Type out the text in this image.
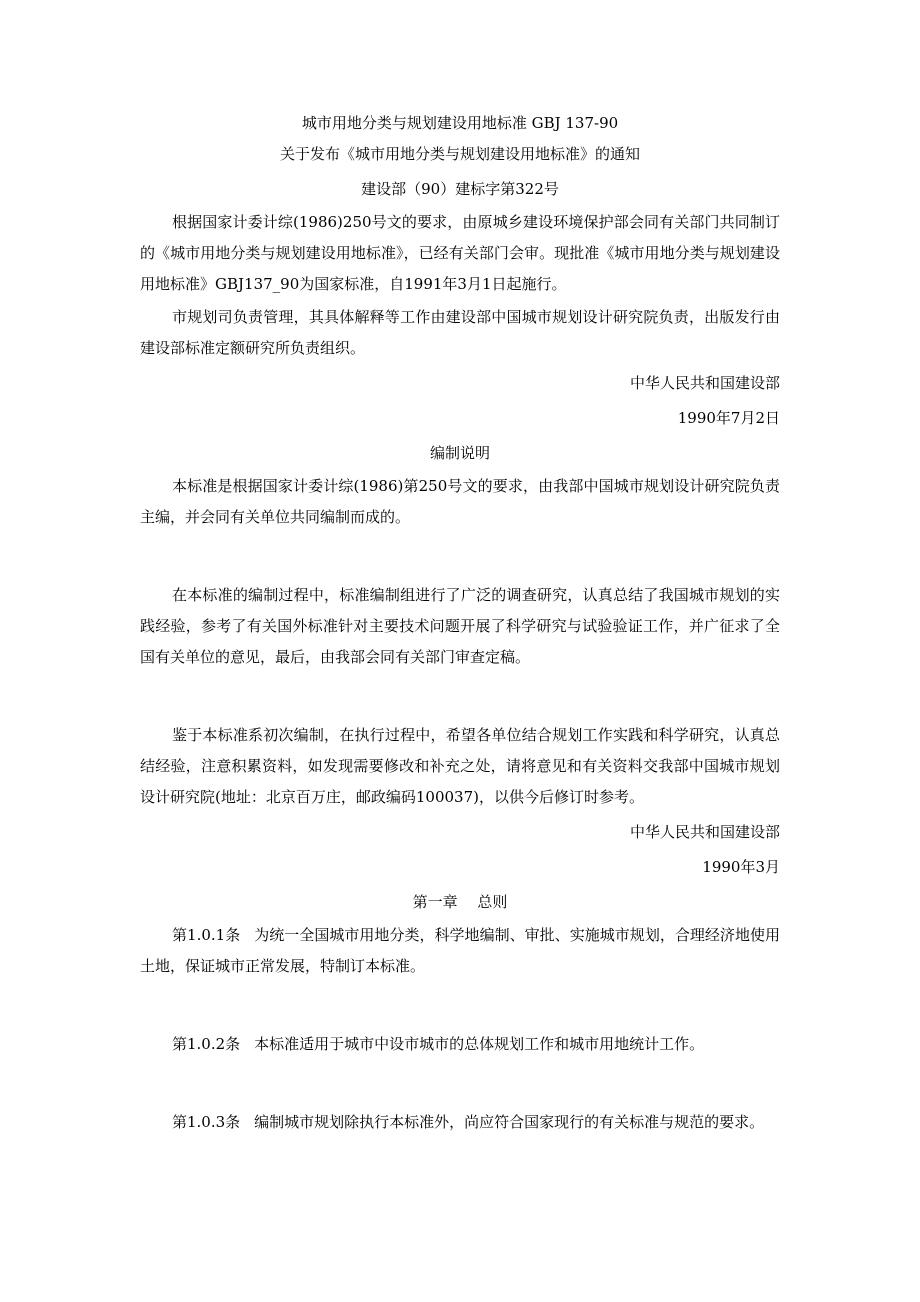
城市用地分类与规划建设用地标准 GBJ 137-90

关于发布《城市用地分类与规划建设用地标准》的通知

建设部（90）建标字第322号

根据国家计委计综(1986)250号文的要求，由原城乡建设环境保护部会同有关部门共同制订的《城市用地分类与规划建设用地标准》，已经有关部门会审。现批准《城市用地分类与规划建设用地标准》GBJ137_90为国家标准，自1991年3月1日起施行。

市规划司负责管理，其具体解释等工作由建设部中国城市规划设计研究院负责，出版发行由建设部标准定额研究所负责组织。

中华人民共和国建设部

1990年7月2日

编制说明

本标准是根据国家计委计综(1986)第250号文的要求，由我部中国城市规划设计研究院负责主编，并会同有关单位共同编制而成的。

在本标准的编制过程中，标准编制组进行了广泛的调查研究，认真总结了我国城市规划的实践经验，参考了有关国外标准针对主要技术问题开展了科学研究与试验验证工作，并广征求了全国有关单位的意见，最后，由我部会同有关部门审查定稿。

鉴于本标准系初次编制，在执行过程中，希望各单位结合规划工作实践和科学研究，认真总结经验，注意积累资料，如发现需要修改和补充之处，请将意见和有关资料交我部中国城市规划设计研究院(地址：北京百万庄，邮政编码100037)，以供今后修订时参考。

中华人民共和国建设部

1990年3月

第一章　 总则

第1.0.1条 为统一全国城市用地分类，科学地编制、审批、实施城市规划，合理经济地使用土地，保证城市正常发展，特制订本标准。

第1.0.2条 本标准适用于城市中设市城市的总体规划工作和城市用地统计工作。

第1.0.3条 编制城市规划除执行本标准外，尚应符合国家现行的有关标准与规范的要求。
